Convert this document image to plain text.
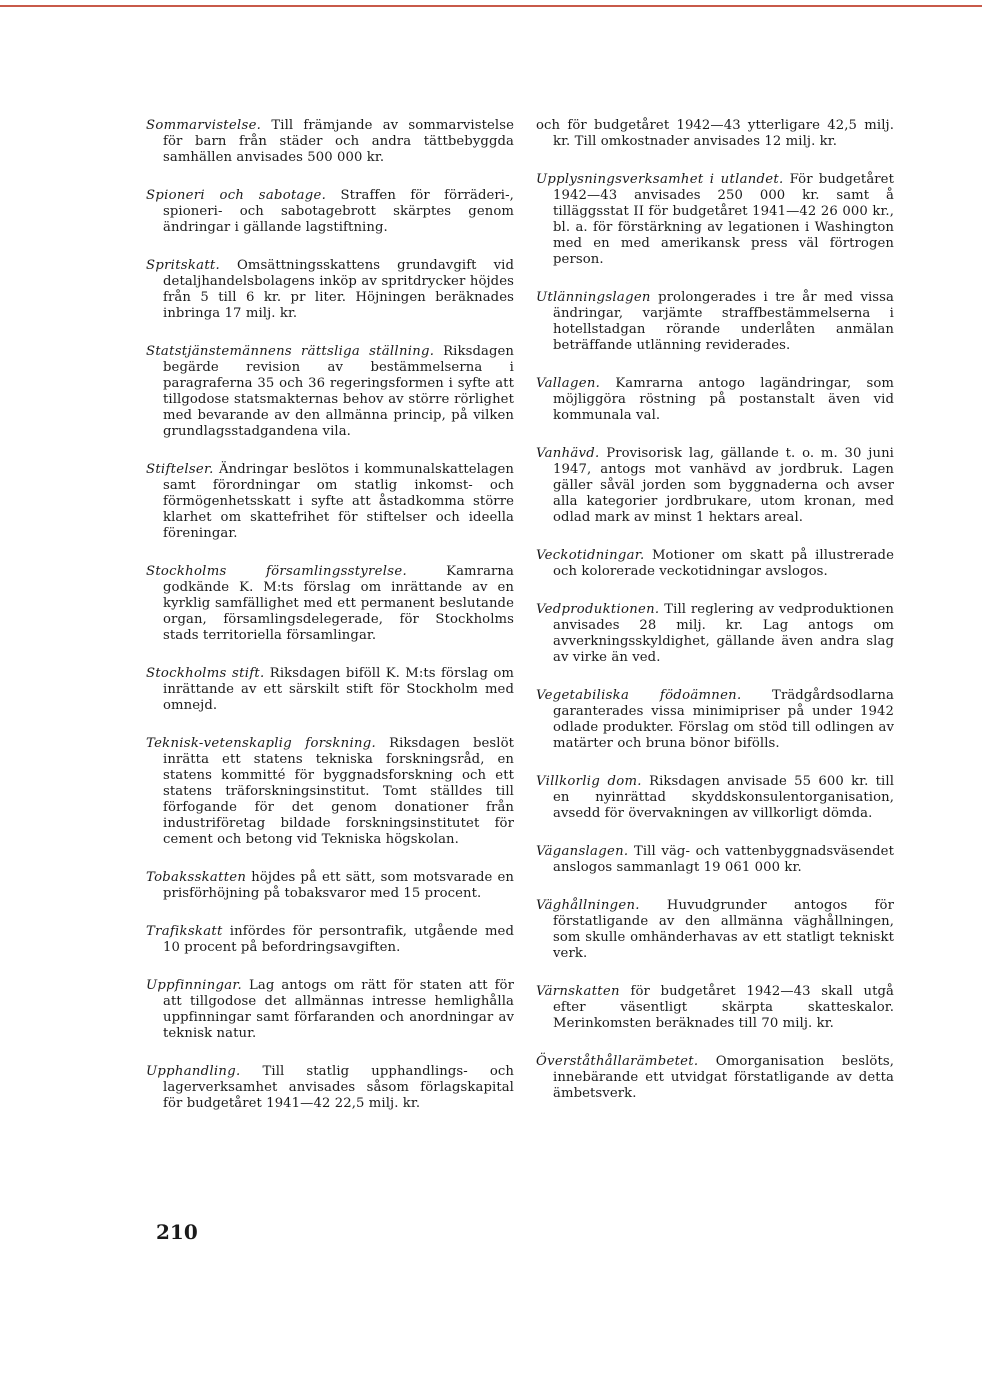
Sommarvistelse. Till främjande av sommarvistelse för barn från städer och andra tättbebyggda samhällen anvisades 500 000 kr.

Spioneri och sabotage. Straffen för förräderi-, spioneri- och sabotagebrott skärptes genom ändringar i gällande lagstiftning.

Spritskatt. Omsättningsskattens grundavgift vid detaljhandelsbolagens inköp av spritdrycker höjdes från 5 till 6 kr. pr liter. Höjningen beräknades inbringa 17 milj. kr.

Statstjänstemännens rättsliga ställning. Riksdagen begärde revision av bestämmelserna i paragraferna 35 och 36 regeringsformen i syfte att tillgodose statsmakternas behov av större rörlighet med bevarande av den allmänna princip, på vilken grundlagsstadgandena vila.

Stiftelser. Ändringar beslötos i kommunalskattelagen samt förordningar om statlig inkomst- och förmögenhetsskatt i syfte att åstadkomma större klarhet om skattefrihet för stiftelser och ideella föreningar.

Stockholms församlingsstyrelse.	Kamrarna godkände K. M:ts förslag om inrättande av en kyrklig samfällighet med ett permanent beslutande organ, församlingsdelegerade, för Stockholms stads territoriella församlingar.

Stockholms stift. Riksdagen biföll K. M:ts förslag om inrättande av ett särskilt stift för Stockholm med omnejd.

Teknisk-vetenskaplig forskning. Riksdagen beslöt inrätta ett statens tekniska forskningsråd, en statens kommitté för byggnadsforskning och ett statens träforskningsinstitut. Tomt ställdes till förfogande för det genom donationer från industriföretag bildade forskningsinstitutet för cement och betong vid Tekniska högskolan.

Tobaksskatten höjdes på ett sätt, som motsvarade en prisförhöjning på tobaksvaror med 15 procent.

Trafikskatt infördes för persontrafik, utgående med 10 procent på befordringsavgiften.

Uppfinningar. Lag antogs om rätt för staten att för att tillgodose det allmännas intresse hemlighålla uppfinningar samt förfaranden och anordningar av teknisk natur.

Upphandling. Till statlig upphandlings- och lagerverksamhet anvisades såsom förlagskapital för budgetåret 1941—42 22,5 milj. kr.

och för budgetåret 1942—43 ytterligare 42,5 milj. kr. Till omkostnader anvisades 12 milj. kr.

Upplysningsverksamhet i utlandet. För budgetåret 1942—43 anvisades 250 000 kr. samt å tilläggsstat II för budgetåret 1941—42 26 000 kr., bl. a. för förstärkning av legationen i Washington med en med amerikansk press väl förtrogen person.

Utlänningslagen prolongerades i tre år med vissa ändringar, varjämte straffbestämmelserna i hotellstadgan rörande underlåten anmälan beträffande utlänning reviderades.

Vallagen. Kamrarna antogo lagändringar, som möjliggöra röstning på postanstalt även vid kommunala val.

Vanhävd. Provisorisk lag, gällande t. o. m. 30 juni 1947, antogs mot vanhävd av jordbruk. Lagen gäller såväl jorden som byggnaderna och avser alla kategorier jordbrukare, utom kronan, med odlad mark av minst 1 hektars areal.

Veckotidningar. Motioner om skatt på illustrerade och kolorerade veckotidningar avslogos.

Vedproduktionen. Till reglering av vedproduktionen anvisades 28 milj. kr. Lag antogs om avverkningsskyldighet, gällande även andra slag av virke än ved.

Vegetabiliska födoämnen. Trädgårdsodlarna garanterades vissa minimipriser på under 1942 odlade produkter. Förslag om stöd till odlingen av matärter och bruna bönor bifölls.

Villkorlig dom. Riksdagen anvisade 55 600 kr. till en nyinrättad skyddskonsulentorganisation, avsedd för övervakningen av villkorligt dömda.

Väganslagen. Till väg- och vattenbyggnadsväsendet anslogos sammanlagt 19 061 000 kr.

Väghållningen. Huvudgrunder antogos för förstatligande av den allmänna väghållningen, som skulle omhänderhavas av ett statligt tekniskt verk.

Värnskatten för budgetåret 1942—43 skall utgå efter väsentligt skärpta skatteskalor. Merinkomsten beräknades till 70 milj. kr.

Överståthållarämbetet. Omorganisation beslöts, innebärande ett utvidgat förstatligande av detta ämbetsverk.

210
